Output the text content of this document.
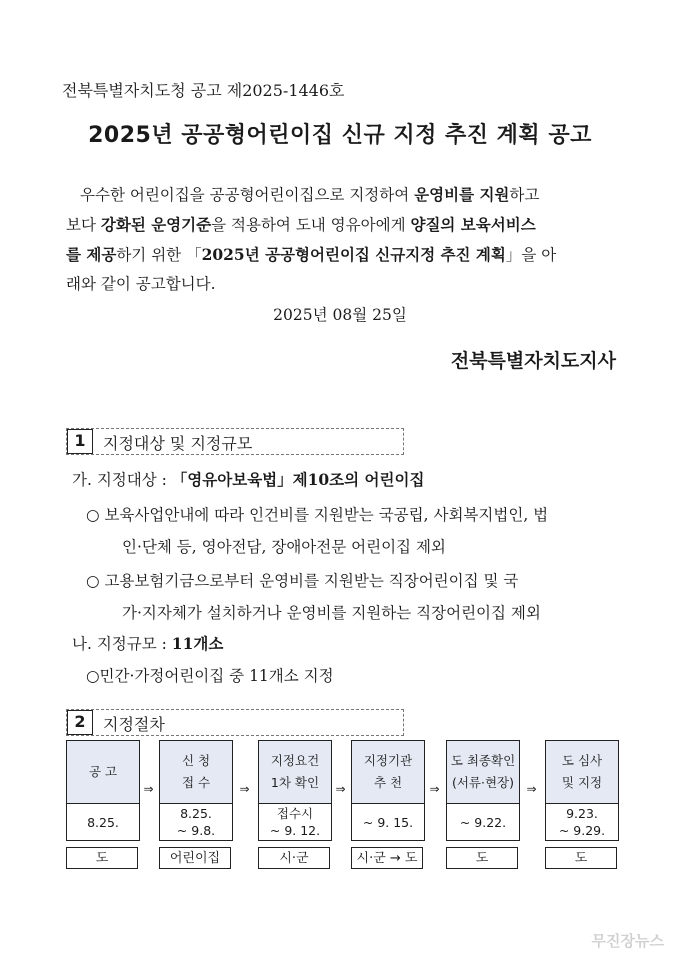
전북특별자치도청 공고 제2025-1446호
2025년 공공형어린이집 신규 지정 추진 계획 공고

우수한 어린이집을 공공형어린이집으로 지정하여 운영비를 지원하고

보다 강화된 운영기준을 적용하여 도내 영유아에게 양질의 보육서비스
를 제공하기 위한 「2025년 공공형어린이집 신규지정 추진 계획」을 아
래와 같이 공고합니다.
2025년 08월 25일
전북특별자치도지사
1	지정대상 및 지정규모
가. 지정대상 : 「영유아보육법」제10조의 어린이집
○ 보육사업안내에 따라 인건비를 지원받는 국공립, 사회복지법인, 법
인·단체 등, 영아전담, 장애아전문 어린이집 제외
○ 고용보험기금으로부터 운영비를 지원받는 직장어린이집 및 국
가·지자체가 설치하거나 운영비를 지원하는 직장어린이집 제외
나. 지정규모 : 11개소
○민간·가정어린이집 중 11개소 지정
2	지정절차
공 고
8.25.
도
⇒
신 청
접 수
8.25.
~ 9.8.
어린이집
⇒
지정요건
1차 확인
접수시
~ 9. 12.
시·군
⇒
지정기관
추 천
~ 9. 15.
시·군 → 도
⇒
도 최종확인
(서류·현장)
~ 9.22.
도
⇒
도 심사
및 지정
9.23.
~ 9.29.
도
무진장뉴스
